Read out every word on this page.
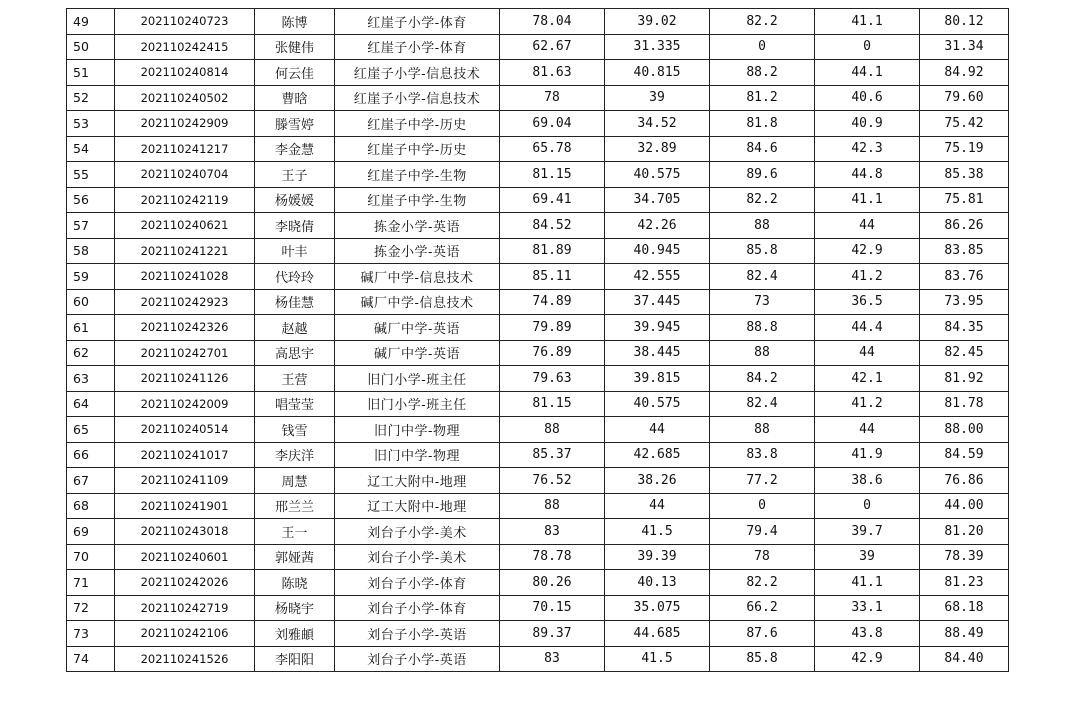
49	202110240723	陈博	红崖子小学-体育	78.04	39.02	82.2	41.1	80.12
50	202110242415	张健伟	红崖子小学-体育	62.67	31.335	0	0	31.34
51	202110240814	何云佳	红崖子小学-信息技术	81.63	40.815	88.2	44.1	84.92
52	202110240502	曹晗	红崖子小学-信息技术	78	39	81.2	40.6	79.60
53	202110242909	滕雪婷	红崖子中学-历史	69.04	34.52	81.8	40.9	75.42
54	202110241217	李金慧	红崖子中学-历史	65.78	32.89	84.6	42.3	75.19
55	202110240704	王子	红崖子中学-生物	81.15	40.575	89.6	44.8	85.38
56	202110242119	杨媛媛	红崖子中学-生物	69.41	34.705	82.2	41.1	75.81
57	202110240621	李晓倩	拣金小学-英语	84.52	42.26	88	44	86.26
58	202110241221	叶丰	拣金小学-英语	81.89	40.945	85.8	42.9	83.85
59	202110241028	代玲玲	碱厂中学-信息技术	85.11	42.555	82.4	41.2	83.76
60	202110242923	杨佳慧	碱厂中学-信息技术	74.89	37.445	73	36.5	73.95
61	202110242326	赵越	碱厂中学-英语	79.89	39.945	88.8	44.4	84.35
62	202110242701	高思宇	碱厂中学-英语	76.89	38.445	88	44	82.45
63	202110241126	王营	旧门小学-班主任	79.63	39.815	84.2	42.1	81.92
64	202110242009	唱莹莹	旧门小学-班主任	81.15	40.575	82.4	41.2	81.78
65	202110240514	钱雪	旧门中学-物理	88	44	88	44	88.00
66	202110241017	李庆洋	旧门中学-物理	85.37	42.685	83.8	41.9	84.59
67	202110241109	周慧	辽工大附中-地理	76.52	38.26	77.2	38.6	76.86
68	202110241901	邢兰兰	辽工大附中-地理	88	44	0	0	44.00
69	202110243018	王一	刘台子小学-美术	83	41.5	79.4	39.7	81.20
70	202110240601	郭娅茜	刘台子小学-美术	78.78	39.39	78	39	78.39
71	202110242026	陈晓	刘台子小学-体育	80.26	40.13	82.2	41.1	81.23
72	202110242719	杨晓宇	刘台子小学-体育	70.15	35.075	66.2	33.1	68.18
73	202110242106	刘雅頔	刘台子小学-英语	89.37	44.685	87.6	43.8	88.49
74	202110241526	李阳阳	刘台子小学-英语	83	41.5	85.8	42.9	84.40
